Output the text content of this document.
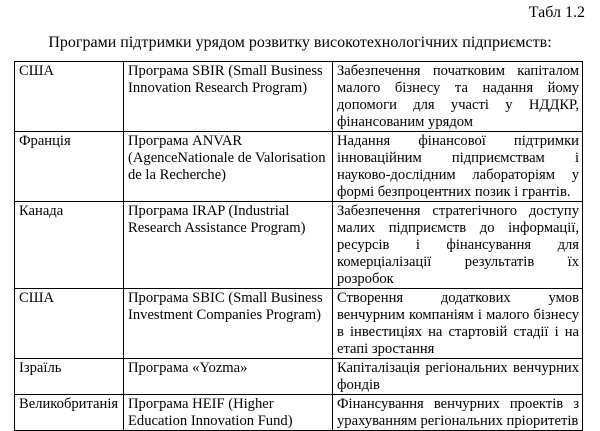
Табл 1.2
Програми підтримки урядом розвитку високотехнологічних підприємств:
США	Програма SBIR (Small Business Innovation Research Program)	Забезпечення початковим капіталом малого бізнесу та надання йому допомоги для участі у НДДКР, фінансованим урядом
Франція	Програма ANVAR (AgenceNationale de Valorisation de la Recherche)	Надання фінансової підтримки інноваційним підприємствам і науково-дослідним лабораторіям у формі безпроцентних позик і грантів.
Канада	Програма IRAP (Industrial Research Assistance Program)	Забезпечення стратегічного доступу малих підприємств до інформації, ресурсів і фінансування для комерціалізації результатів їх розробок
США	Програма SBIC (Small Business Investment Companies Program)	Створення додаткових умов венчурним компаніям і малого бізнесу в інвестиціях на стартовій стадії і на етапі зростання
Ізраїль	Програма «Yozma»	Капіталізація регіональних венчурних фондів
Великобританія	Програма HEIF (Higher Education Innovation Fund)	Фінансування венчурних проектів з урахуванням регіональних пріоритетів
